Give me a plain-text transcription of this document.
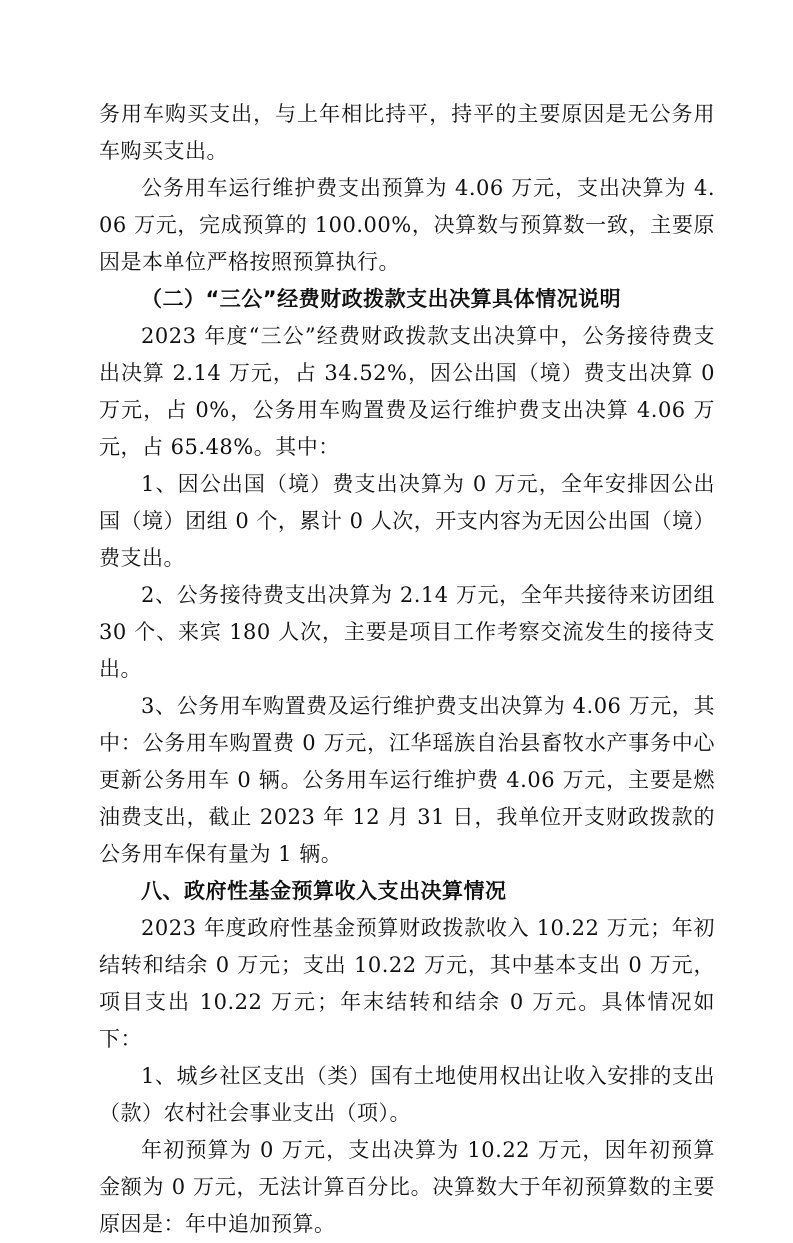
务用车购买支出，与上年相比持平，持平的主要原因是无公务用车购买支出。

公务用车运行维护费支出预算为 4.06 万元，支出决算为 4.06 万元，完成预算的 100.00%，决算数与预算数一致，主要原因是本单位严格按照预算执行。

（二）“三公”经费财政拨款支出决算具体情况说明

2023 年度“三公”经费财政拨款支出决算中，公务接待费支出决算 2.14 万元，占 34.52%，因公出国（境）费支出决算 0 万元，占 0%，公务用车购置费及运行维护费支出决算 4.06 万元，占 65.48%。其中：

1、因公出国（境）费支出决算为 0 万元，全年安排因公出国（境）团组 0 个，累计 0 人次，开支内容为无因公出国（境）费支出。

2、公务接待费支出决算为 2.14 万元，全年共接待来访团组 30 个、来宾 180 人次，主要是项目工作考察交流发生的接待支出。

3、公务用车购置费及运行维护费支出决算为 4.06 万元，其中：公务用车购置费 0 万元，江华瑶族自治县畜牧水产事务中心更新公务用车 0 辆。公务用车运行维护费 4.06 万元，主要是燃油费支出，截止 2023 年 12 月 31 日，我单位开支财政拨款的公务用车保有量为 1 辆。

八、政府性基金预算收入支出决算情况

2023 年度政府性基金预算财政拨款收入 10.22 万元；年初结转和结余 0 万元；支出 10.22 万元，其中基本支出 0 万元，项目支出 10.22 万元；年末结转和结余 0 万元。具体情况如下：

1、城乡社区支出（类）国有土地使用权出让收入安排的支出（款）农村社会事业支出（项）。

年初预算为 0 万元，支出决算为 10.22 万元，因年初预算金额为 0 万元，无法计算百分比。决算数大于年初预算数的主要原因是：年中追加预算。
